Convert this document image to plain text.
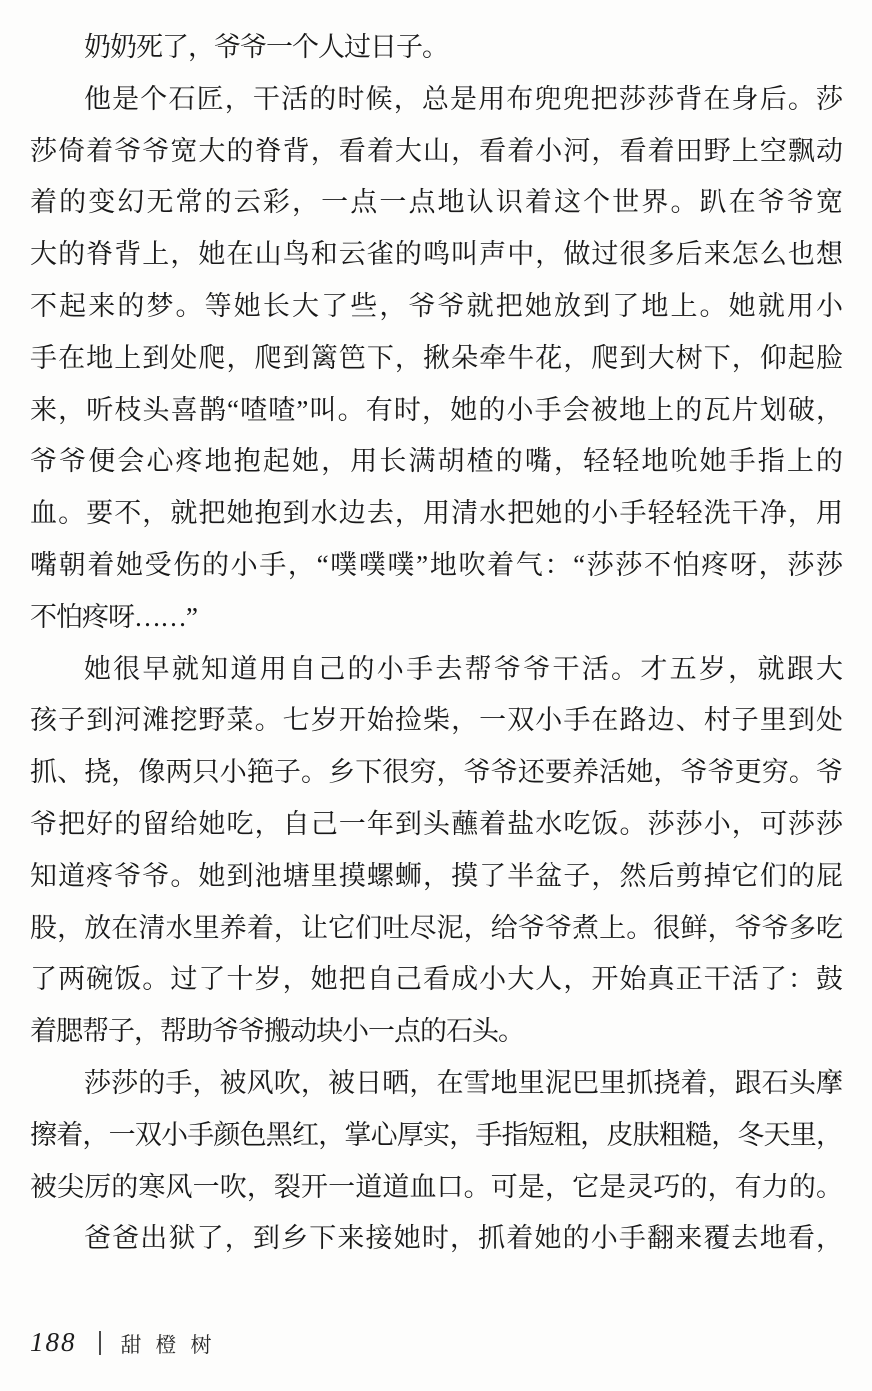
奶奶死了，爷爷一个人过日子。

他是个石匠，干活的时候，总是用布兜兜把莎莎背在身后。莎

莎倚着爷爷宽大的脊背，看着大山，看着小河，看着田野上空飘动

着的变幻无常的云彩，一点一点地认识着这个世界。趴在爷爷宽

大的脊背上，她在山鸟和云雀的鸣叫声中，做过很多后来怎么也想

不起来的梦。等她长大了些，爷爷就把她放到了地上。她就用小

手在地上到处爬，爬到篱笆下，揪朵牵牛花，爬到大树下，仰起脸

来，听枝头喜鹊“喳喳”叫。有时，她的小手会被地上的瓦片划破，

爷爷便会心疼地抱起她，用长满胡楂的嘴，轻轻地吮她手指上的

血。要不，就把她抱到水边去，用清水把她的小手轻轻洗干净，用

嘴朝着她受伤的小手，“噗噗噗”地吹着气：“莎莎不怕疼呀，莎莎

不怕疼呀……”

她很早就知道用自己的小手去帮爷爷干活。才五岁，就跟大

孩子到河滩挖野菜。七岁开始捡柴，一双小手在路边、村子里到处

抓、挠，像两只小筢子。乡下很穷，爷爷还要养活她，爷爷更穷。爷

爷把好的留给她吃，自己一年到头蘸着盐水吃饭。莎莎小，可莎莎

知道疼爷爷。她到池塘里摸螺蛳，摸了半盆子，然后剪掉它们的屁

股，放在清水里养着，让它们吐尽泥，给爷爷煮上。很鲜，爷爷多吃

了两碗饭。过了十岁，她把自己看成小大人，开始真正干活了：鼓

着腮帮子，帮助爷爷搬动块小一点的石头。

莎莎的手，被风吹，被日晒，在雪地里泥巴里抓挠着，跟石头摩

擦着，一双小手颜色黑红，掌心厚实，手指短粗，皮肤粗糙，冬天里，

被尖厉的寒风一吹，裂开一道道血口。可是，它是灵巧的，有力的。

爸爸出狱了，到乡下来接她时，抓着她的小手翻来覆去地看，

188 甜橙树
